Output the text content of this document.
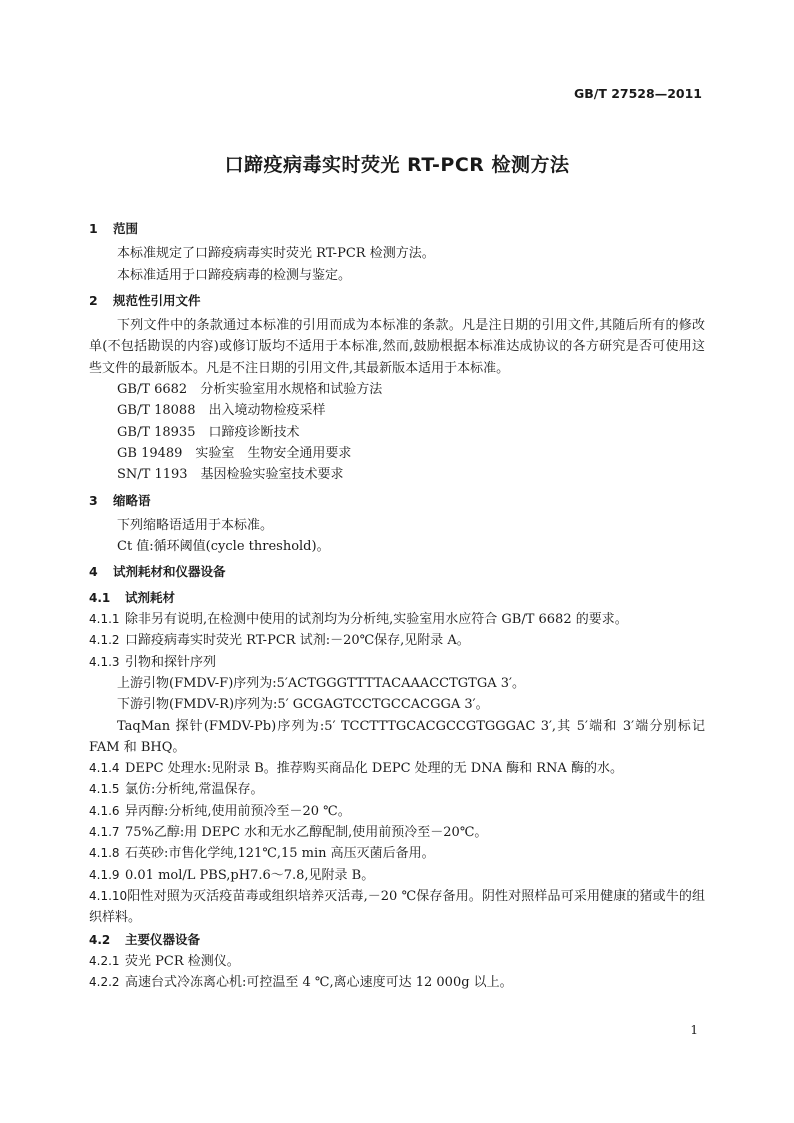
GB/T 27528—2011
口蹄疫病毒实时荧光 RT-PCR 检测方法
1 范围

本标准规定了口蹄疫病毒实时荧光 RT-PCR 检测方法。

本标准适用于口蹄疫病毒的检测与鉴定。

2 规范性引用文件

下列文件中的条款通过本标准的引用而成为本标准的条款。凡是注日期的引用文件,其随后所有的修改单(不包括勘误的内容)或修订版均不适用于本标准,然而,鼓励根据本标准达成协议的各方研究是否可使用这些文件的最新版本。凡是不注日期的引用文件,其最新版本适用于本标准。

GB/T 6682　分析实验室用水规格和试验方法

GB/T 18088　出入境动物检疫采样

GB/T 18935　口蹄疫诊断技术

GB 19489　实验室　生物安全通用要求

SN/T 1193　基因检验实验室技术要求

3 缩略语

下列缩略语适用于本标准。

Ct 值:循环阈值(cycle threshold)。

4 试剂耗材和仪器设备
4.1 试剂耗材

4.1.1 除非另有说明,在检测中使用的试剂均为分析纯,实验室用水应符合 GB/T 6682 的要求。

4.1.2 口蹄疫病毒实时荧光 RT-PCR 试剂:－20℃保存,见附录 A。

4.1.3 引物和探针序列

上游引物(FMDV-F)序列为:5′ACTGGGTTTTACAAACCTGTGA 3′。

下游引物(FMDV-R)序列为:5′ GCGAGTCCTGCCACGGA 3′。

TaqMan 探针(FMDV-Pb)序列为:5′ TCCTTTGCACGCCGTGGGAC 3′,其 5′端和 3′端分别标记 FAM 和 BHQ。

4.1.4 DEPC 处理水:见附录 B。推荐购买商品化 DEPC 处理的无 DNA 酶和 RNA 酶的水。

4.1.5 氯仿:分析纯,常温保存。

4.1.6 异丙醇:分析纯,使用前预冷至－20 ℃。

4.1.7 75%乙醇:用 DEPC 水和无水乙醇配制,使用前预冷至－20℃。

4.1.8 石英砂:市售化学纯,121℃,15 min 高压灭菌后备用。

4.1.9 0.01 mol/L PBS,pH7.6～7.8,见附录 B。

4.1.10阳性对照为灭活疫苗毒或组织培养灭活毒,－20 ℃保存备用。阴性对照样品可采用健康的猪或牛的组织样料。

4.2 主要仪器设备

4.2.1 荧光 PCR 检测仪。

4.2.2 高速台式冷冻离心机:可控温至 4 ℃,离心速度可达 12 000g 以上。

1
